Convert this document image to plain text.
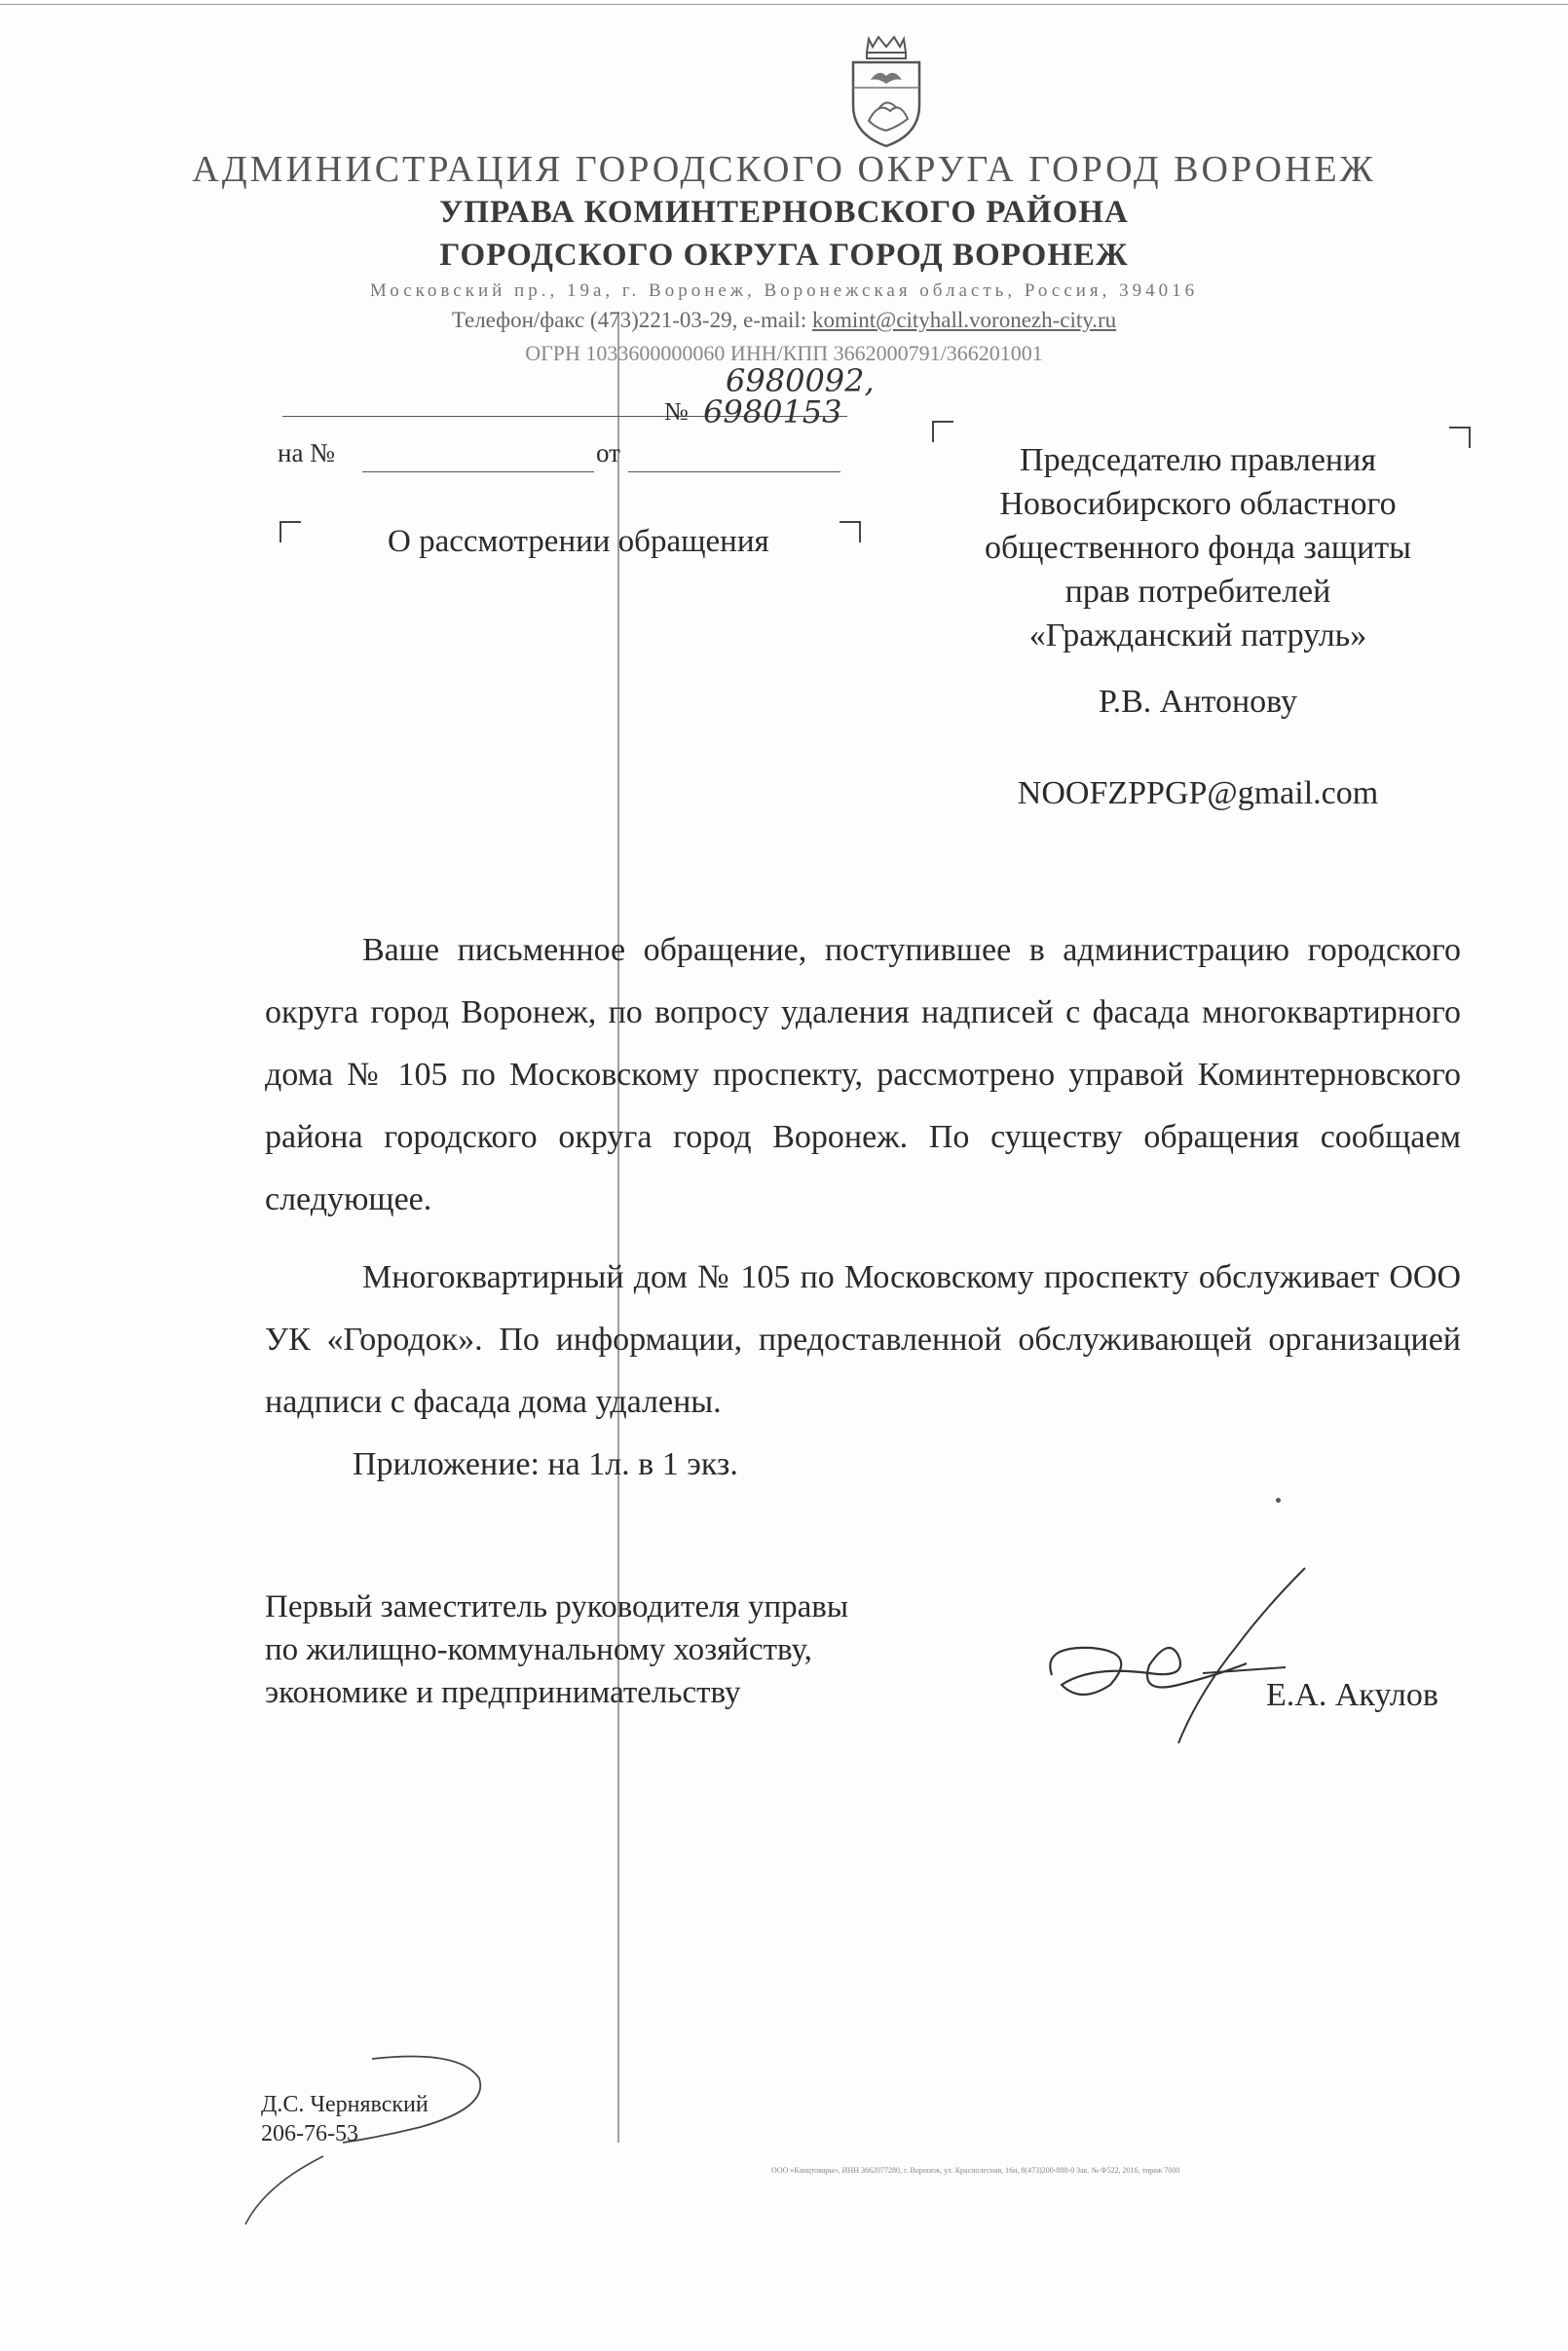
АДМИНИСТРАЦИЯ ГОРОДСКОГО ОКРУГА ГОРОД ВОРОНЕЖ
УПРАВА КОМИНТЕРНОВСКОГО РАЙОНА
ГОРОДСКОГО ОКРУГА ГОРОД ВОРОНЕЖ
Московский пр., 19а, г. Воронеж, Воронежская область, Россия, 394016
Телефон/факс (473)221-03-29, e-mail: komint@cityhall.voronezh-city.ru
ОГРН 1033600000060 ИНН/КПП 3662000791/366201001
6980092,
№ 6980153
на №	от
О рассмотрении обращения
Председателю правления
Новосибирского областного
общественного фонда защиты
прав потребителей
«Гражданский патруль»
Р.В. Антонову
NOOFZPPGP@gmail.com
Ваше письменное обращение, поступившее в администрацию городского округа город Воронеж, по вопросу удаления надписей с фасада многоквартирного дома № 105 по Московскому проспекту, рассмотрено управой Коминтерновского района городского округа город Воронеж. По существу обращения сообщаем следующее.
Многоквартирный дом № 105 по Московскому проспекту обслуживает ООО УК «Городок». По информации, предоставленной обслуживающей организацией надписи с фасада дома удалены.
Приложение: на 1л. в 1 экз.
Первый заместитель руководителя управы
по жилищно-коммунальному хозяйству,
экономике и предпринимательству	Е.А. Акулов
Д.С. Чернявский
206-76-53
ООО «Канцтовары», ИНН 3662077280, г. Воронеж, ул. Краснолесная, 16и, 8(473)200-888-0 Зак. № Ф522, 2016, тираж 7000
